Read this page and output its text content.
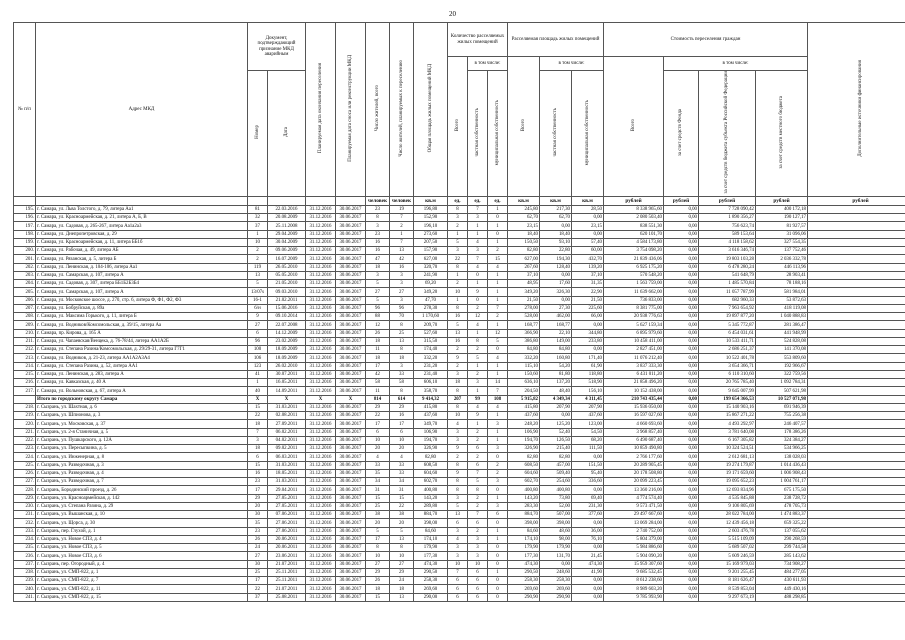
20
№ п/п	Адрес МКД	Документ, подтверждающий признание МКД аварийным		Планируемая дата окончания переселения	Планируемая дата сноса или реконструкции МКД	Число жителей, всего	Число жителей, планируемых к переселению	Общая площадь жилых помещений МКД	Количество расселяемых жилых помещений			Расселяемая площадь жилых помещений			Стоимость переселения граждан				Дополнительные источники финансирования
									Всего	в том числе:		Всего	в том числе:		Всего	в том числе:			
		Номер	Дата							частная собственность	муниципальная собственность		частная собственность	муниципальная собственность		за счет средств Фонда	за счет средств бюджета субъекта Российской Федерации	за счет средств местного бюджета	
						человек	человек	кв.м	ед.	ед.	ед.	кв.м	кв.м	кв.м	рублей	рублей	рублей	рублей	рублей
195.	г. Самара, ул. Льва Толстого, д. 79, литера Аа1	81	22.03.2016	31.12.2016	30.06.2017	23	19	196,80	8	7	1	245,80	217,30	28,50	8 338 965,60	0,00	7 728 090,42	400 172,18	
196.	г. Самара, ул. Красноармейская, д. 21, литера А, Б, В	32	20.08.2009	31.12.2016	30.06.2017	8	7	152,90	3	3	0	62,70	62,70	0,00	2 080 503,40	0,00	1 890 356,27	190 127,17	
197.	г. Самара, ул. Садовая, д. 265-267, литера Аа1а2а3	37	25.11.2008	31.12.2016	30.06.2017	3	2	196,10	2	1	1	23,15	0,00	23,15	838 551,30	0,00	756 623,74	81 927,57	
198.	г. Самара, ул. Днепропетровская, д. 29	1	29.04.2009	31.12.2016	30.06.2017	23	1	273,60	1	1	0	18,40	18,40	0,00	620 101,70	0,00	589 153,64	31 096,06	
199.	г. Самара, ул. Красноармейская, д. 11, литера ББ1б	10	30.04.2009	31.12.2016	30.06.2017	16	7	207,50	5	4	1	150,50	93,10	57,40	4 584 173,80	0,00	4 118 158,62	327 554,35	
200.	г. Самара, ул. Рабочая, д. 49, литера АБ	2	09.06.2009	31.12.2016	30.06.2017	16	13	157,90	3	3	2	82,80	22,80	60,00	3 754 098,20	0,00	3 616 346,74	137 752,46	
201.	г. Самара, ул. Рязанская, д. 5, литера Б	2	16.07.2009	31.12.2016	30.06.2017	47	42	627,00	22	7	15	627,00	194,30	432,70	21 839 436,06	0,00	19 803 103,28	2 036 332,78	
202.	г. Самара, ул. Ленинская, д. 104-106, литера Аа1	119	26.05.2010	31.12.2016	30.06.2017	18	16	320,70	8	4	4	267,60	128,40	139,20	6 925 175,20	0,00	6 478 280,24	446 113,96	
203.	г. Самара, ул. Самарская, д. 107, литера А	13	05.05.2010	31.12.2016	30.06.2017	3	3	241,90	1	0	1	37,10	0,00	37,10	570 548,20	0,00	541 648,79	28 903,41	
204.	г. Самара, ул. Садовая, д. 307, литера ББ1Б2Б3Б4	5	21.05.2010	31.12.2016	30.06.2017	5	3	69,20	2	1	1	48,95	17,60	31,35	1 563 759,00	0,00	1 485 570,84	78 188,16	
205.	г. Самара, ул. Самарская, д. 107, литера А	13/07s	09.03.2010	31.12.2016	30.06.2017	27	27	349,20	10	9	1	349,20	326,30	22,90	11 639 662,00	0,00	11 057 787,99	581 984,01	
206.	г. Самара, ул. Московское шоссе, д. 270, стр. 6, литера Ф, Ф1, Ф2, Ф3	16-1	21.02.2011	31.12.2016	30.06.2017	5	3	47,70	1	0	1	21,50	0,00	21,50	736 833,00	0,00	682 960,33	53 872,63	
207.	г. Самара, ул. Бобруйская, д. 89а	6/н	15.06.2016	31.12.2016	30.06.2017	96	96	278,30	8	2	7	278,00	27,30	225,60	8 381 775,00	0,00	7 963 654,92	418 119,08	
208.	г. Самара, ул. Максима Горького, д. 11, литера Б	9	09.10.2014	31.12.2016	30.06.2017	88	70	1 170,60	16	12	2	528,00	462,00	66,00	20 938 776,63	0,00	19 897 877,20	1 040 888,83	
209.	г. Самара, ул. Водников/Комсомольская, д. 39/15, литера Аа	27	22.07.2008	31.12.2016	30.06.2017	12	8	209,70	5	4	1	168,77	168,77	0,00	5 627 159,34	0,00	5 345 772,87	281 386,47	
210.	г. Самара, пр. Кирова, д. 165 А	6	14.12.2009	31.12.2016	30.06.2017	26	25	527,60	13	1	12	366,90	22,10	344,80	6 895 979,60	0,00	6 454 031,61	441 948,99	
211.	г. Самара, ул. Чапаевская/Венцека, д. 76-78/44, литера АА1А2Б	96	23.02.2009	31.12.2016	30.06.2017	18	13	315,50	16	8	5	386,80	149,00	233,80	10 458 411,00	0,00	10 533 411,71	524 828,08	
212.	г. Самара, ул. Степана Разина/Комсомольская, д. 29/29-31, литера Г7Г1	100	18.09.2009	31.12.2016	30.06.2017	11	8	174,40	2	2	0	84,80	84,80	0,00	2 827 451,00	0,00	2 686 251,37	141 370,08	
213.	г. Самара, ул. Водников, д. 21-23, литера АА1А2А3А4	106	18.09.2009	31.12.2016	30.06.2017	18	18	332,20	9	5	4	332,20	160,80	171,40	11 076 212,40	0,00	10 522 401,78	553 809,60	
214.	г. Самара, ул. Степана Разина, д. 52, литера АА1	123	26.02.2010	31.12.2016	30.06.2017	17	3	231,20	2	1	1	115,10	54,20	61,90	3 837 333,30	0,00	3 654 366,71	192 966,67	
215.	г. Самара, ул. Ленинская, д. 283, литера А	41	30.07.2011	31.12.2016	30.06.2017	42	33	231,40	3	2	1	150,60	81,80	118,80	6 431 011,20	0,00	6 110 310,60	322 759,56	
216.	г. Самара, ул. Кавказская, д. 40 А	1	16.05.2011	31.12.2016	30.06.2017	58	58	606,10	18	3	14	636,10	137,20	518,90	21 858 496,20	0,00	20 765 785,40	1 092 784,31	
217.	г. Самара, ул. Вольновская, д. 67, литера А	40	14.09.2011	31.12.2016	30.06.2017	11	8	358,70	8	1	7	204,50	48,40	156,10	10 152 438,00	0,00	9 645 007,99	507 621,98	
	Итого по городскому округу Самара	X	X	X	X	814	614	9 414,32	207	99	108	5 915,82	4 349,34	4 311,45	210 743 435,44	0,00	199 654 366,53	10 527 071,98	
218.	г. Сызрань, ул. Шахтная, д. 6	15	31.03.2011	31.12.2016	30.06.2017	29	29	415,80	8	4	4	415,80	207,90	207,90	15 936 050,00	0,00	15 140 903,16	691 946,39	
219.	г. Сызрань, ул. Шпионова, д. 3	22	02.08.2011	31.12.2016	30.06.2017	22	16	437,60	10	9	1	437,60	0,00	437,60	16 597 027,60	0,00	15 867 271,22	755 256,38	
220.	г. Сызрань, ул. Московская, д. 37	18	27.09.2011	31.12.2016	30.06.2017	17	17	349,70	4	1	3	248,20	125,20	123,00	4 660 693,60	0,00	4 493 292,97	246 407,57	
221.	г. Сызрань, ул. 2-я Станичная, д. 5	7	06.02.2011	31.12.2016	30.06.2017	6	6	106,90	3	2	1	106,90	52,40	54,50	3 968 857,40	0,00	3 781 640,08	178 386,26	
222.	г. Сызрань, ул. Пушкарского, д. 12А	3	04.02.2011	31.12.2016	30.06.2017	10	10	194,70	3	2	1	194,70	126,50	68,20	6 490 687,40	0,00	6 167 305,82	324 384,27	
223.	г. Сызрань, ул. Пересыпкина, д. 5	18	09.02.2011	31.12.2016	30.06.2017	20	20	326,90	9	6	3	326,90	215,40	111,50	10 859 490,80	0,00	10 324 524,51	534 966,25	
224.	г. Сызрань, ул. Инженерная, д. 8	6	06.03.2011	31.12.2016	30.06.2017	4	4	82,80	2	2	0	82,80	82,80	0,00	2 766 177,60	0,00	2 612 681,13	138 028,03	
225.	г. Сызрань, ул. Разведочная, д. 3	15	31.03.2011	31.12.2016	30.06.2017	33	33	608,50	8	6	2	608,50	457,00	151,50	20 289 905,45	0,00	19 274 179,87	1 014 436,43	
226.	г. Сызрань, ул. Разведочная, д. 4	16	18.05.2011	31.12.2016	30.06.2017	35	33	604,60	9	7	2	604,60	509,40	95,40	20 178 508,80	0,00	19 171 659,60	1 006 908,43	
227.	г. Сызрань, ул. Разведочная, д. 7	23	31.03.2011	31.12.2016	30.06.2017	34	34	602,70	8	5	3	602,70	254,60	336,60	20 099 223,45	0,00	19 095 652,23	1 004 761,17	
228.	г. Сызрань, Бородинский проезд, д. 26	17	29.04.2011	31.12.2016	30.06.2017	31	31	400,80	8	8	0	400,80	400,80	0,00	13 360 216,00	0,00	12 693 834,96	675 175,50	
229.	г. Сызрань, ул. Красноармейская, д. 142	29	27.05.2011	31.12.2016	30.06.2017	15	15	143,20	3	2	1	143,20	73,80	69,40	4 774 574,40	0,00	4 535 845,88	238 728,72	
230.	г. Сызрань, ул. Степана Разина, д. 29	20	27.05.2011	31.12.2016	30.06.2017	25	22	289,80	5	2	3	283,30	52,00	231,30	9 573 471,50	0,00	9 106 805,69	478 705,73	
231.	г. Сызрань, ул. Вышанская, д. 10	30	07.06.2011	31.12.2016	30.06.2017	38	38	884,70	13	7	6	884,70	507,00	377,60	29 497 667,60	0,00	28 022 784,00	1 474 883,37	
232.	г. Сызрань, ул. Щорса, д. 30	35	27.06.2011	31.12.2016	30.06.2017	20	20	398,00	6	6	0	398,00	398,00	0,00	13 069 284,00	0,00	12 439 456,18	659 325,22	
233.	г. Сызрань, пер. Глухой, д. 1	23	27.06.2011	31.12.2016	30.06.2017	5	5	84,60	3	2	1	84,60	48,60	36,00	2 740 752,00	0,00	2 603 476,78	137 055,62	
234.	г. Сызрань, ул. Новое СПЗ, д. 4	26	20.06.2011	31.12.2016	30.06.2017	17	13	174,10	4	3	1	174,10	98,00	76,10	5 804 379,00	0,00	5 515 109,09	290 268,59	
235.	г. Сызрань, ул. Новое СПЗ, д. 5	24	20.06.2011	31.12.2016	30.06.2017	8	8	179,90	3	3	0	179,90	179,90	0,00	5 984 886,60	0,00	5 689 507,02	299 744,58	
236.	г. Сызрань, ул. Новое СПЗ, д. 6	27	23.06.2011	31.12.2016	30.06.2017	10	10	177,30	3	3	0	177,30	131,70	21,45	5 904 090,20	0,00	5 609 246,59	285 143,62	
237.	г. Сызрань, пер. Огородный, д. 4	30	21.07.2011	31.12.2016	30.06.2017	27	27	474,30	10	10	0	474,30	0,00	474,30	15 959 307,60	0,00	15 169 979,03	734 908,27	
238.	г. Сызрань, ул. СМП-822, д. 1	25	25.11.2011	31.12.2016	30.06.2017	29	29	290,50	7	6	1	290,50	248,60	41,90	9 685 532,45	0,00	9 201 255,45	484 277,05	
239.	г. Сызрань, ул. СМП-822, д. 7	17	25.11.2011	31.12.2016	30.06.2017	26	24	258,30	6	6	0	258,30	258,30	0,00	8 612 238,60	0,00	8 181 626,47	430 611,93	
240.	г. Сызрань, ул. СМП-822, д. 11	22	21.07.2011	31.12.2016	30.06.2017	18	18	269,60	6	6	0	269,60	269,60	0,00	8 989 603,20	0,00	8 539 853,04	449 430,16	
241.	г. Сызрань, ул. СМП-822, д. 15	37	25.08.2011	31.12.2016	30.06.2017	15	13	290,00	6	6	0	290,90	290,90	0,00	9 785 993,90	0,00	9 297 673,19	488 298,85	
